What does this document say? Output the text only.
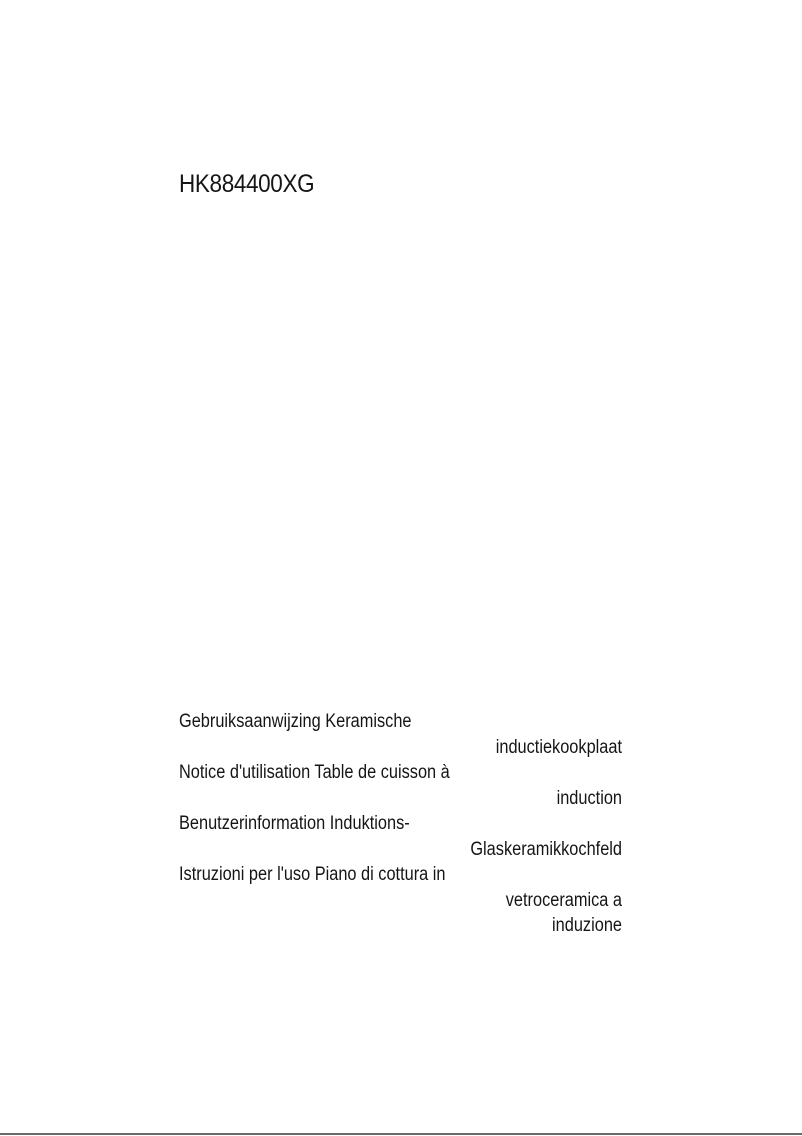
HK884400XG
Gebruiksaanwijzing Keramische
inductiekookplaat
Notice d'utilisation Table de cuisson à
induction
Benutzerinformation Induktions-
Glaskeramikkochfeld
Istruzioni per l'uso Piano di cottura in
vetroceramica a
induzione
